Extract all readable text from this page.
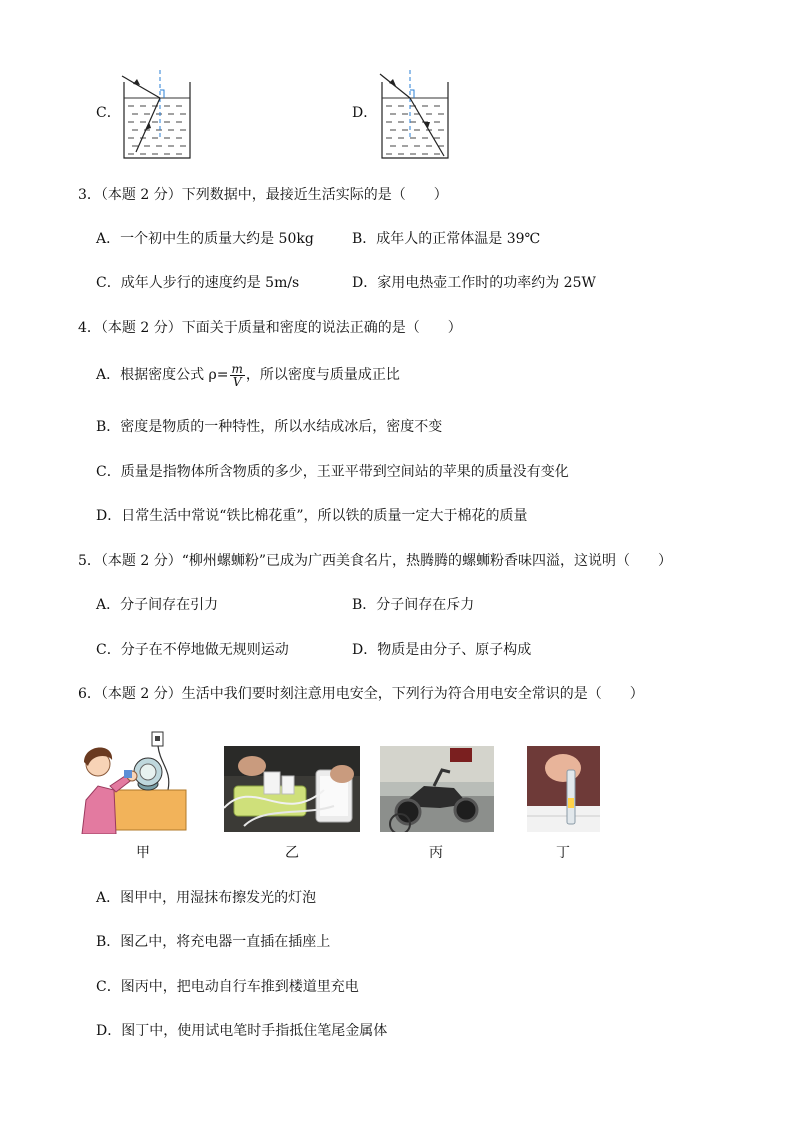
C．	D．
3．（本题 2 分）下列数据中，最接近生活实际的是（　　）
A．一个初中生的质量大约是 50kg	B．成年人的正常体温是 39℃
C．成年人步行的速度约是 5m/s	D．家用电热壶工作时的功率约为 25W
4．（本题 2 分）下面关于质量和密度的说法正确的是（　　）
A．根据密度公式 $\rho= \frac{m}{V}$ ，所以密度与质量成正比
B．密度是物质的一种特性，所以水结成冰后，密度不变
C．质量是指物体所含物质的多少，王亚平带到空间站的苹果的质量没有变化
D．日常生活中常说“铁比棉花重”，所以铁的质量一定大于棉花的质量
5．（本题 2 分）“柳州螺蛳粉”已成为广西美食名片，热腾腾的螺蛳粉香味四溢，这说明（　　）
A．分子间存在引力	B．分子间存在斥力
C．分子在不停地做无规则运动	D．物质是由分子、原子构成
6．（本题 2 分）生活中我们要时刻注意用电安全，下列行为符合用电安全常识的是（　　）
甲	乙	丙	丁
A．图甲中，用湿抹布擦发光的灯泡
B．图乙中，将充电器一直插在插座上
C．图丙中，把电动自行车推到楼道里充电
D．图丁中，使用试电笔时手指抵住笔尾金属体
